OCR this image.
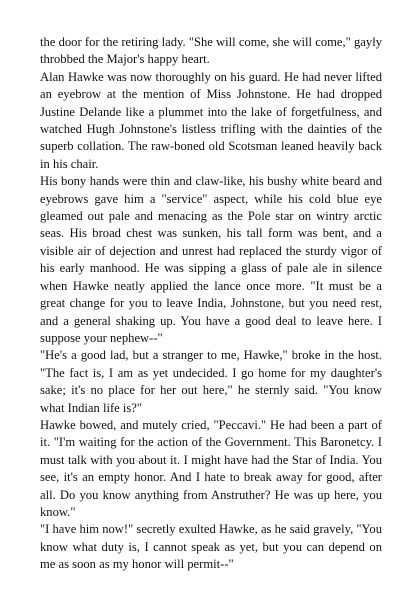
the door for the retiring lady. "She will come, she will come," gayly throbbed the Major's happy heart.

Alan Hawke was now thoroughly on his guard. He had never lifted an eyebrow at the mention of Miss Johnstone. He had dropped Justine Delande like a plummet into the lake of forgetfulness, and watched Hugh Johnstone's listless trifling with the dainties of the superb collation. The raw-boned old Scotsman leaned heavily back in his chair.

His bony hands were thin and claw-like, his bushy white beard and eyebrows gave him a "service" aspect, while his cold blue eye gleamed out pale and menacing as the Pole star on wintry arctic seas. His broad chest was sunken, his tall form was bent, and a visible air of dejection and unrest had replaced the sturdy vigor of his early manhood. He was sipping a glass of pale ale in silence when Hawke neatly applied the lance once more. "It must be a great change for you to leave India, Johnstone, but you need rest, and a general shaking up. You have a good deal to leave here. I suppose your nephew--"

"He's a good lad, but a stranger to me, Hawke," broke in the host. "The fact is, I am as yet undecided. I go home for my daughter's sake; it's no place for her out here," he sternly said. "You know what Indian life is?"

Hawke bowed, and mutely cried, "Peccavi." He had been a part of it. "I'm waiting for the action of the Government. This Baronetcy. I must talk with you about it. I might have had the Star of India. You see, it's an empty honor. And I hate to break away for good, after all. Do you know anything from Anstruther? He was up here, you know."

"I have him now!" secretly exulted Hawke, as he said gravely, "You know what duty is, I cannot speak as yet, but you can depend on me as soon as my honor will permit--"
